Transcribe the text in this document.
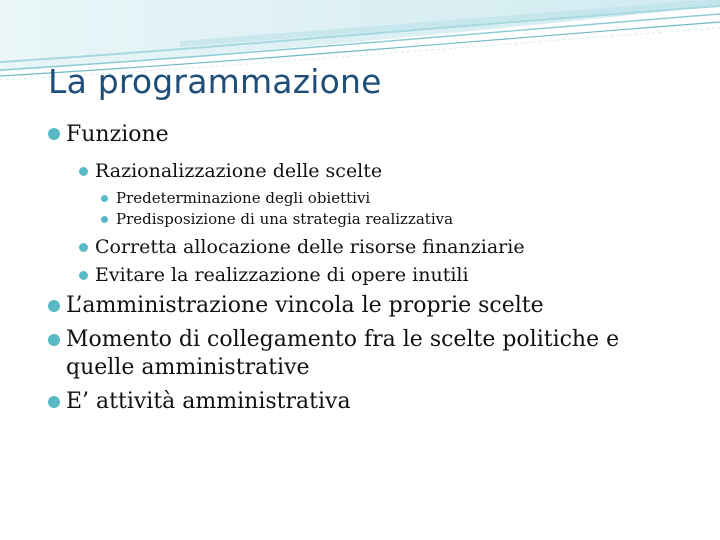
La programmazione
Funzione
Razionalizzazione delle scelte
Predeterminazione degli obiettivi
Predisposizione di una strategia realizzativa
Corretta allocazione delle risorse finanziarie
Evitare la realizzazione di opere inutili
L’amministrazione vincola le proprie scelte
Momento di collegamento fra le scelte politiche e
quelle amministrative
E’ attività amministrativa
